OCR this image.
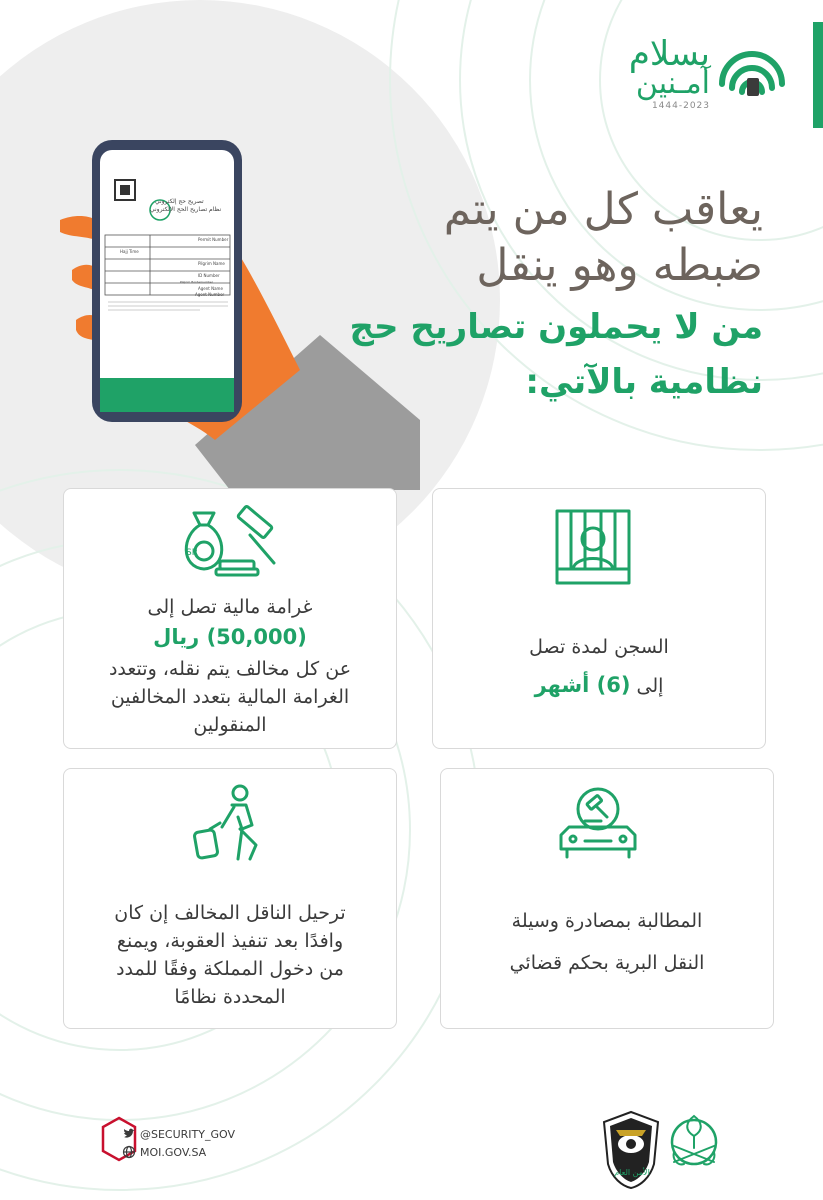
بسلام
آمـنين
1444-2023
تصريح حج إلكتروني
نظام تصاريح الحج الإلكتروني
Permit Number
Hajj Time
Pilgrim Name
ID Number
Pilgrim Bordernumber
Agent Name
Agent Number
يعاقب كل من يتم
ضبطه وهو ينقل
من لا يحملون تصاريح حج
نظامية بالآتي:
SR
غرامة مالية تصل إلى
(50,000) ريال
عن كل مخالف يتم نقله، وتتعدد
الغرامة المالية بتعدد المخالفين
المنقولين
السجن لمدة تصل
إلى (6) أشهر
ترحيل الناقل المخالف إن كان
وافدًا بعد تنفيذ العقوبة، ويمنع
من دخول المملكة وفقًا للمدد
المحددة نظامًا
المطالبة بمصادرة وسيلة
النقل البرية بحكم قضائي
@SECURITY_GOV
MOI.GOV.SA
الأمن العام
